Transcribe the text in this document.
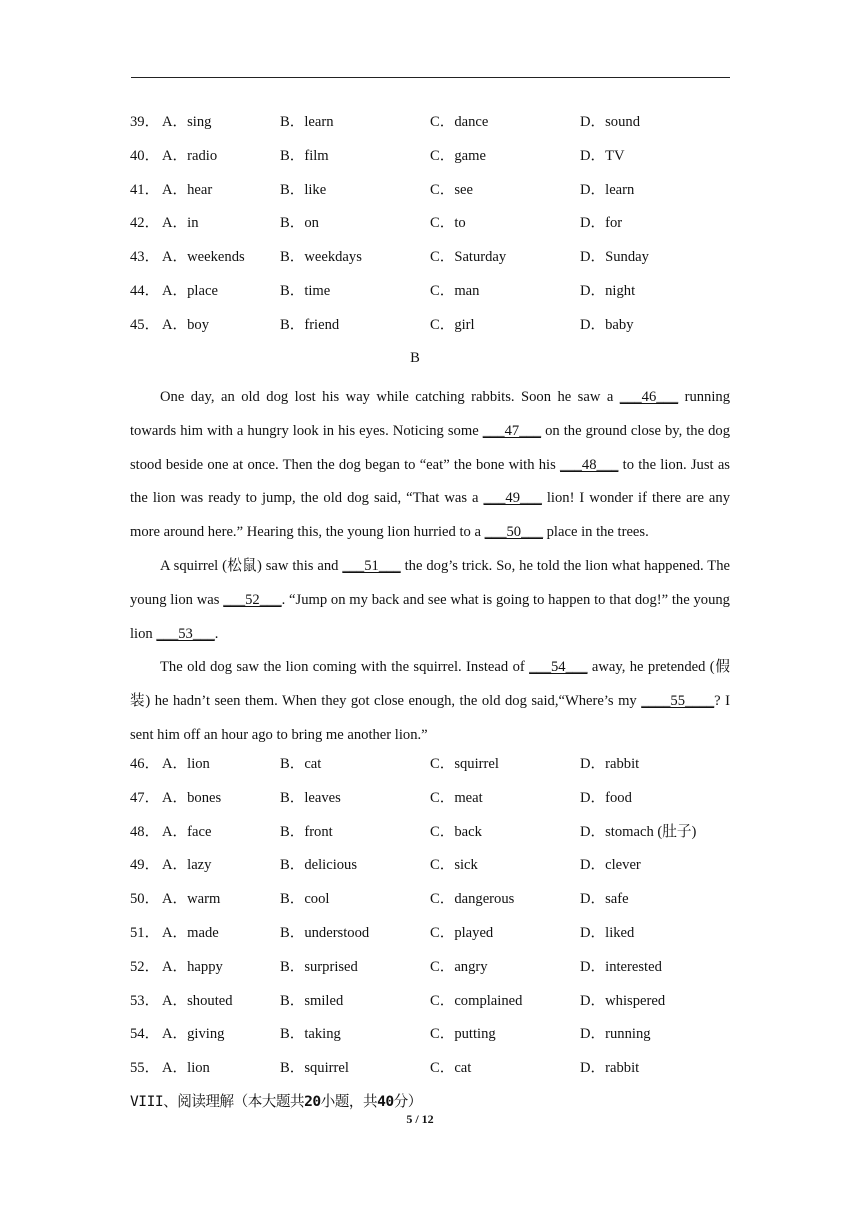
39． A．sing	B．learn	C．dance	D．sound
40． A．radio	B．film	C．game	D．TV
41． A．hear	B．like	C．see	D．learn
42． A．in	B．on	C．to	D．for
43． A．weekends B．weekdays	C．Saturday	D．Sunday
44． A．place	B．time	C．man	D．night
45． A．boy	B．friend	C．girl	D．baby
B

One day, an old dog lost his way while catching rabbits. Soon he saw a ___46___ running towards him with a hungry look in his eyes. Noticing some ___47___ on the ground close by, the dog stood beside one at once. Then the dog began to “eat” the bone with his ___48___ to the lion. Just as the lion was ready to jump, the old dog said, “That was a ___49___ lion! I wonder if there are any more around here.” Hearing this, the young lion hurried to a ___50___ place in the trees.

A squirrel (松鼠) saw this and ___51___ the dog’s trick. So, he told the lion what happened. The young lion was ___52___. “Jump on my back and see what is going to happen to that dog!” the young lion ___53___.

The old dog saw the lion coming with the squirrel. Instead of ___54___ away, he pretended (假装) he hadn’t seen them. When they got close enough, the old dog said,“Where’s my ____55____? I sent him off an hour ago to bring me another lion.”

46． A．lion	B．cat	C．squirrel	D．rabbit
47． A．bones	B．leaves	C．meat	D．food
48． A．face	B．front	C．back	D．stomach (肚子)
49． A．lazy	B．delicious	C．sick	D．clever
50． A．warm	B．cool	C．dangerous	D．safe
51． A．made	B．understood	C．played	D．liked
52． A．happy	B．surprised	C．angry	D．interested
53． A．shouted	B．smiled	C．complained	D．whispered
54． A．giving	B．taking	C．putting	D．running
55． A．lion	B．squirrel	C．cat	D．rabbit
VIII、阅读理解（本大题共20小题，共40分）
5 / 12
